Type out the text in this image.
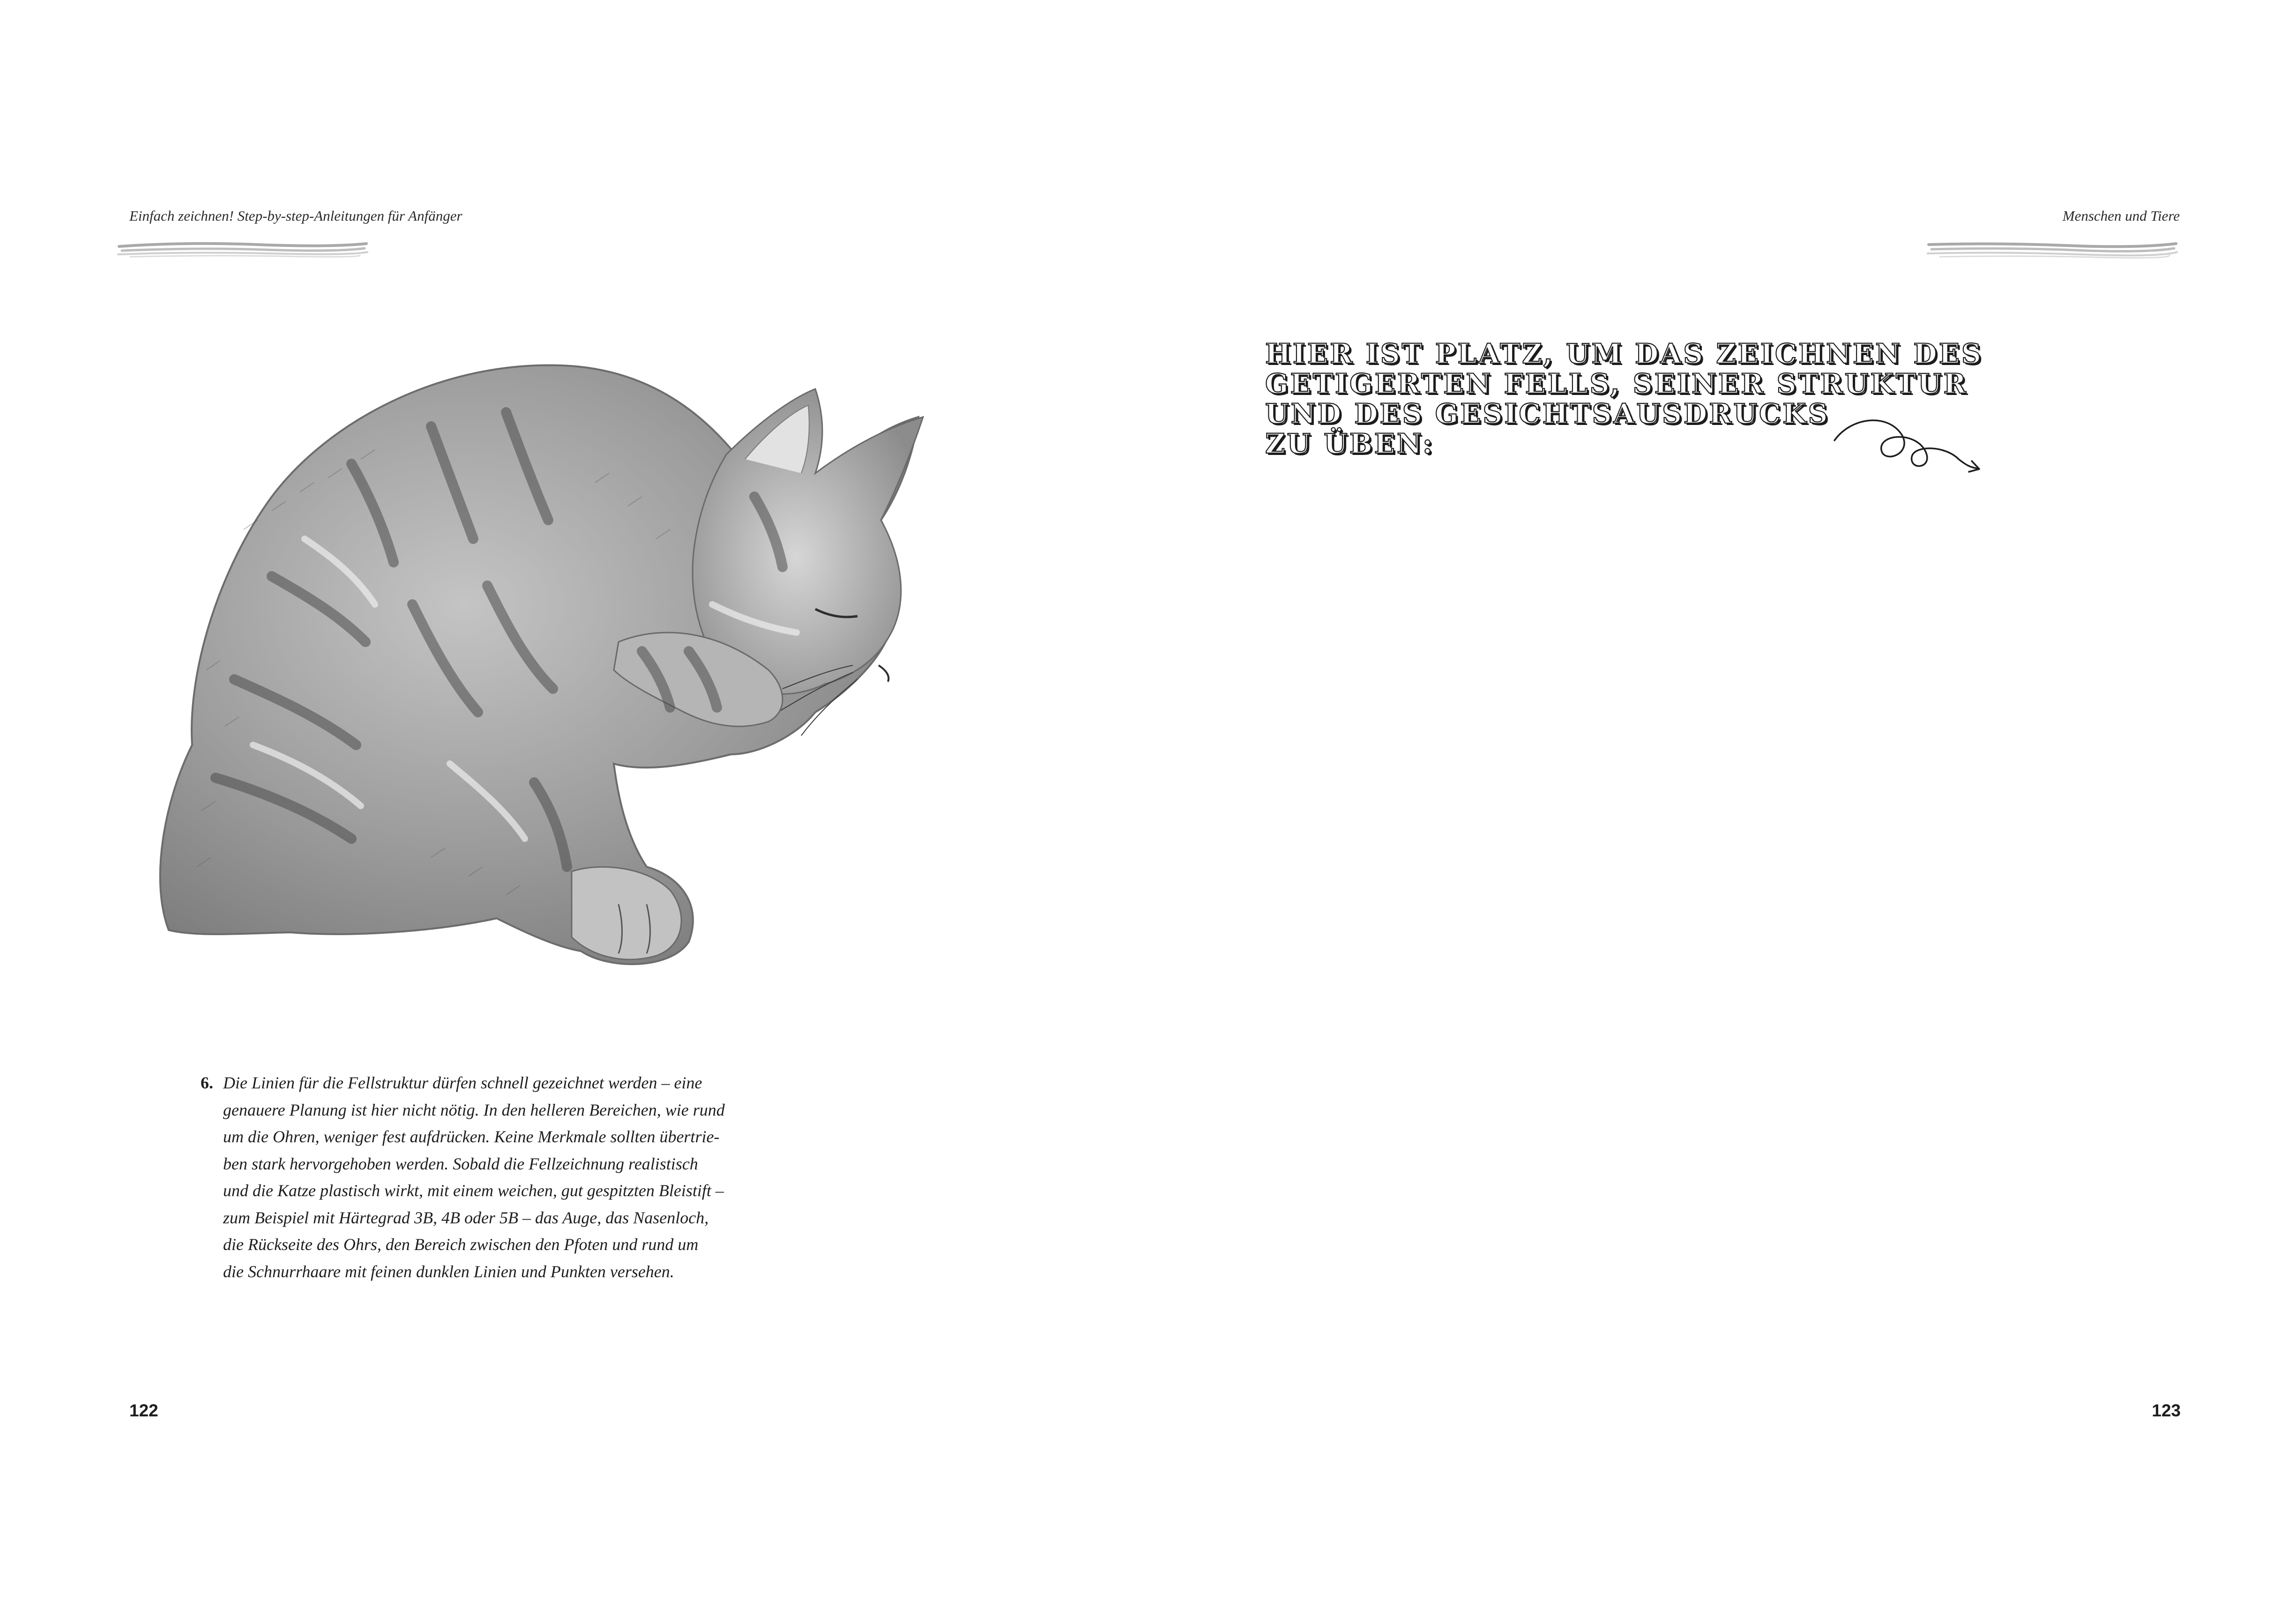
Einfach zeichnen! Step-by-step-Anleitungen für Anfänger
6. Die Linien für die Fellstruktur dürfen schnell gezeichnet werden – eine
genauere Planung ist hier nicht nötig. In den helleren Bereichen, wie rund
um die Ohren, weniger fest aufdrücken. Keine Merkmale sollten übertrie-
ben stark hervorgehoben werden. Sobald die Fellzeichnung realistisch
und die Katze plastisch wirkt, mit einem weichen, gut gespitzten Bleistift –
zum Beispiel mit Härtegrad 3B, 4B oder 5B – das Auge, das Nasenloch,
die Rückseite des Ohrs, den Bereich zwischen den Pfoten und rund um
die Schnurrhaare mit feinen dunklen Linien und Punkten versehen.
122
Menschen und Tiere
HIER IST PLATZ, UM DAS ZEICHNEN DES
GETIGERTEN FELLS, SEINER STRUKTUR
UND DES GESICHTSAUSDRUCKS
ZU ÜBEN:
123
